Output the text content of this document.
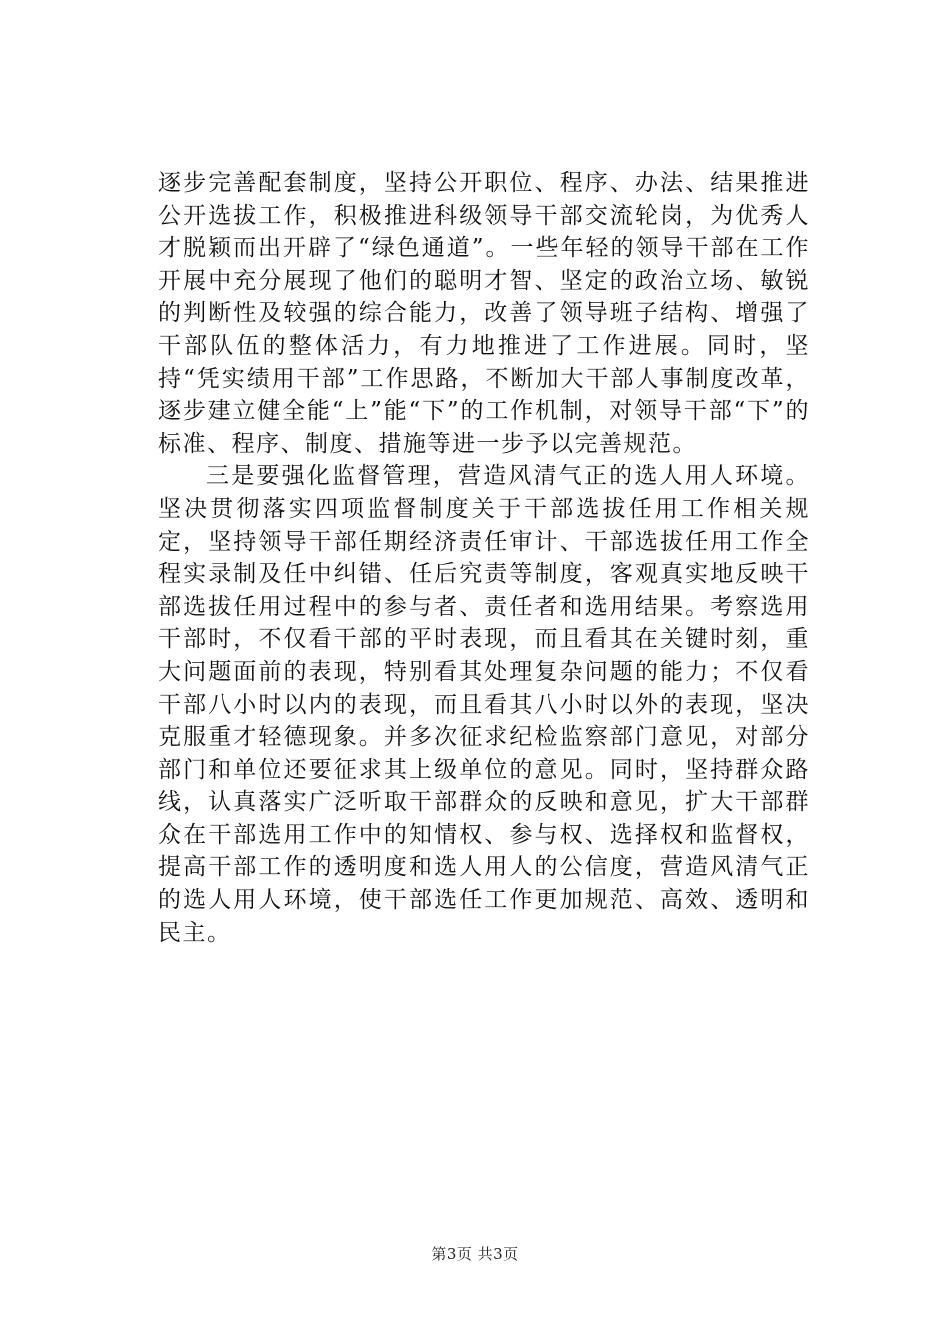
逐步完善配套制度，坚持公开职位、程序、办法、结果推进公开选拔工作，积极推进科级领导干部交流轮岗，为优秀人才脱颖而出开辟了“绿色通道”。一些年轻的领导干部在工作开展中充分展现了他们的聪明才智、坚定的政治立场、敏锐的判断性及较强的综合能力，改善了领导班子结构、增强了干部队伍的整体活力，有力地推进了工作进展。同时，坚持“凭实绩用干部”工作思路，不断加大干部人事制度改革，逐步建立健全能“上”能“下”的工作机制，对领导干部“下”的标准、程序、制度、措施等进一步予以完善规范。

三是要强化监督管理，营造风清气正的选人用人环境。坚决贯彻落实四项监督制度关于干部选拔任用工作相关规定，坚持领导干部任期经济责任审计、干部选拔任用工作全程实录制及任中纠错、任后究责等制度，客观真实地反映干部选拔任用过程中的参与者、责任者和选用结果。考察选用干部时，不仅看干部的平时表现，而且看其在关键时刻，重大问题面前的表现，特别看其处理复杂问题的能力；不仅看干部八小时以内的表现，而且看其八小时以外的表现，坚决克服重才轻德现象。并多次征求纪检监察部门意见，对部分部门和单位还要征求其上级单位的意见。同时，坚持群众路线，认真落实广泛听取干部群众的反映和意见，扩大干部群众在干部选用工作中的知情权、参与权、选择权和监督权，提高干部工作的透明度和选人用人的公信度，营造风清气正的选人用人环境，使干部选任工作更加规范、高效、透明和民主。

第3页 共3页
